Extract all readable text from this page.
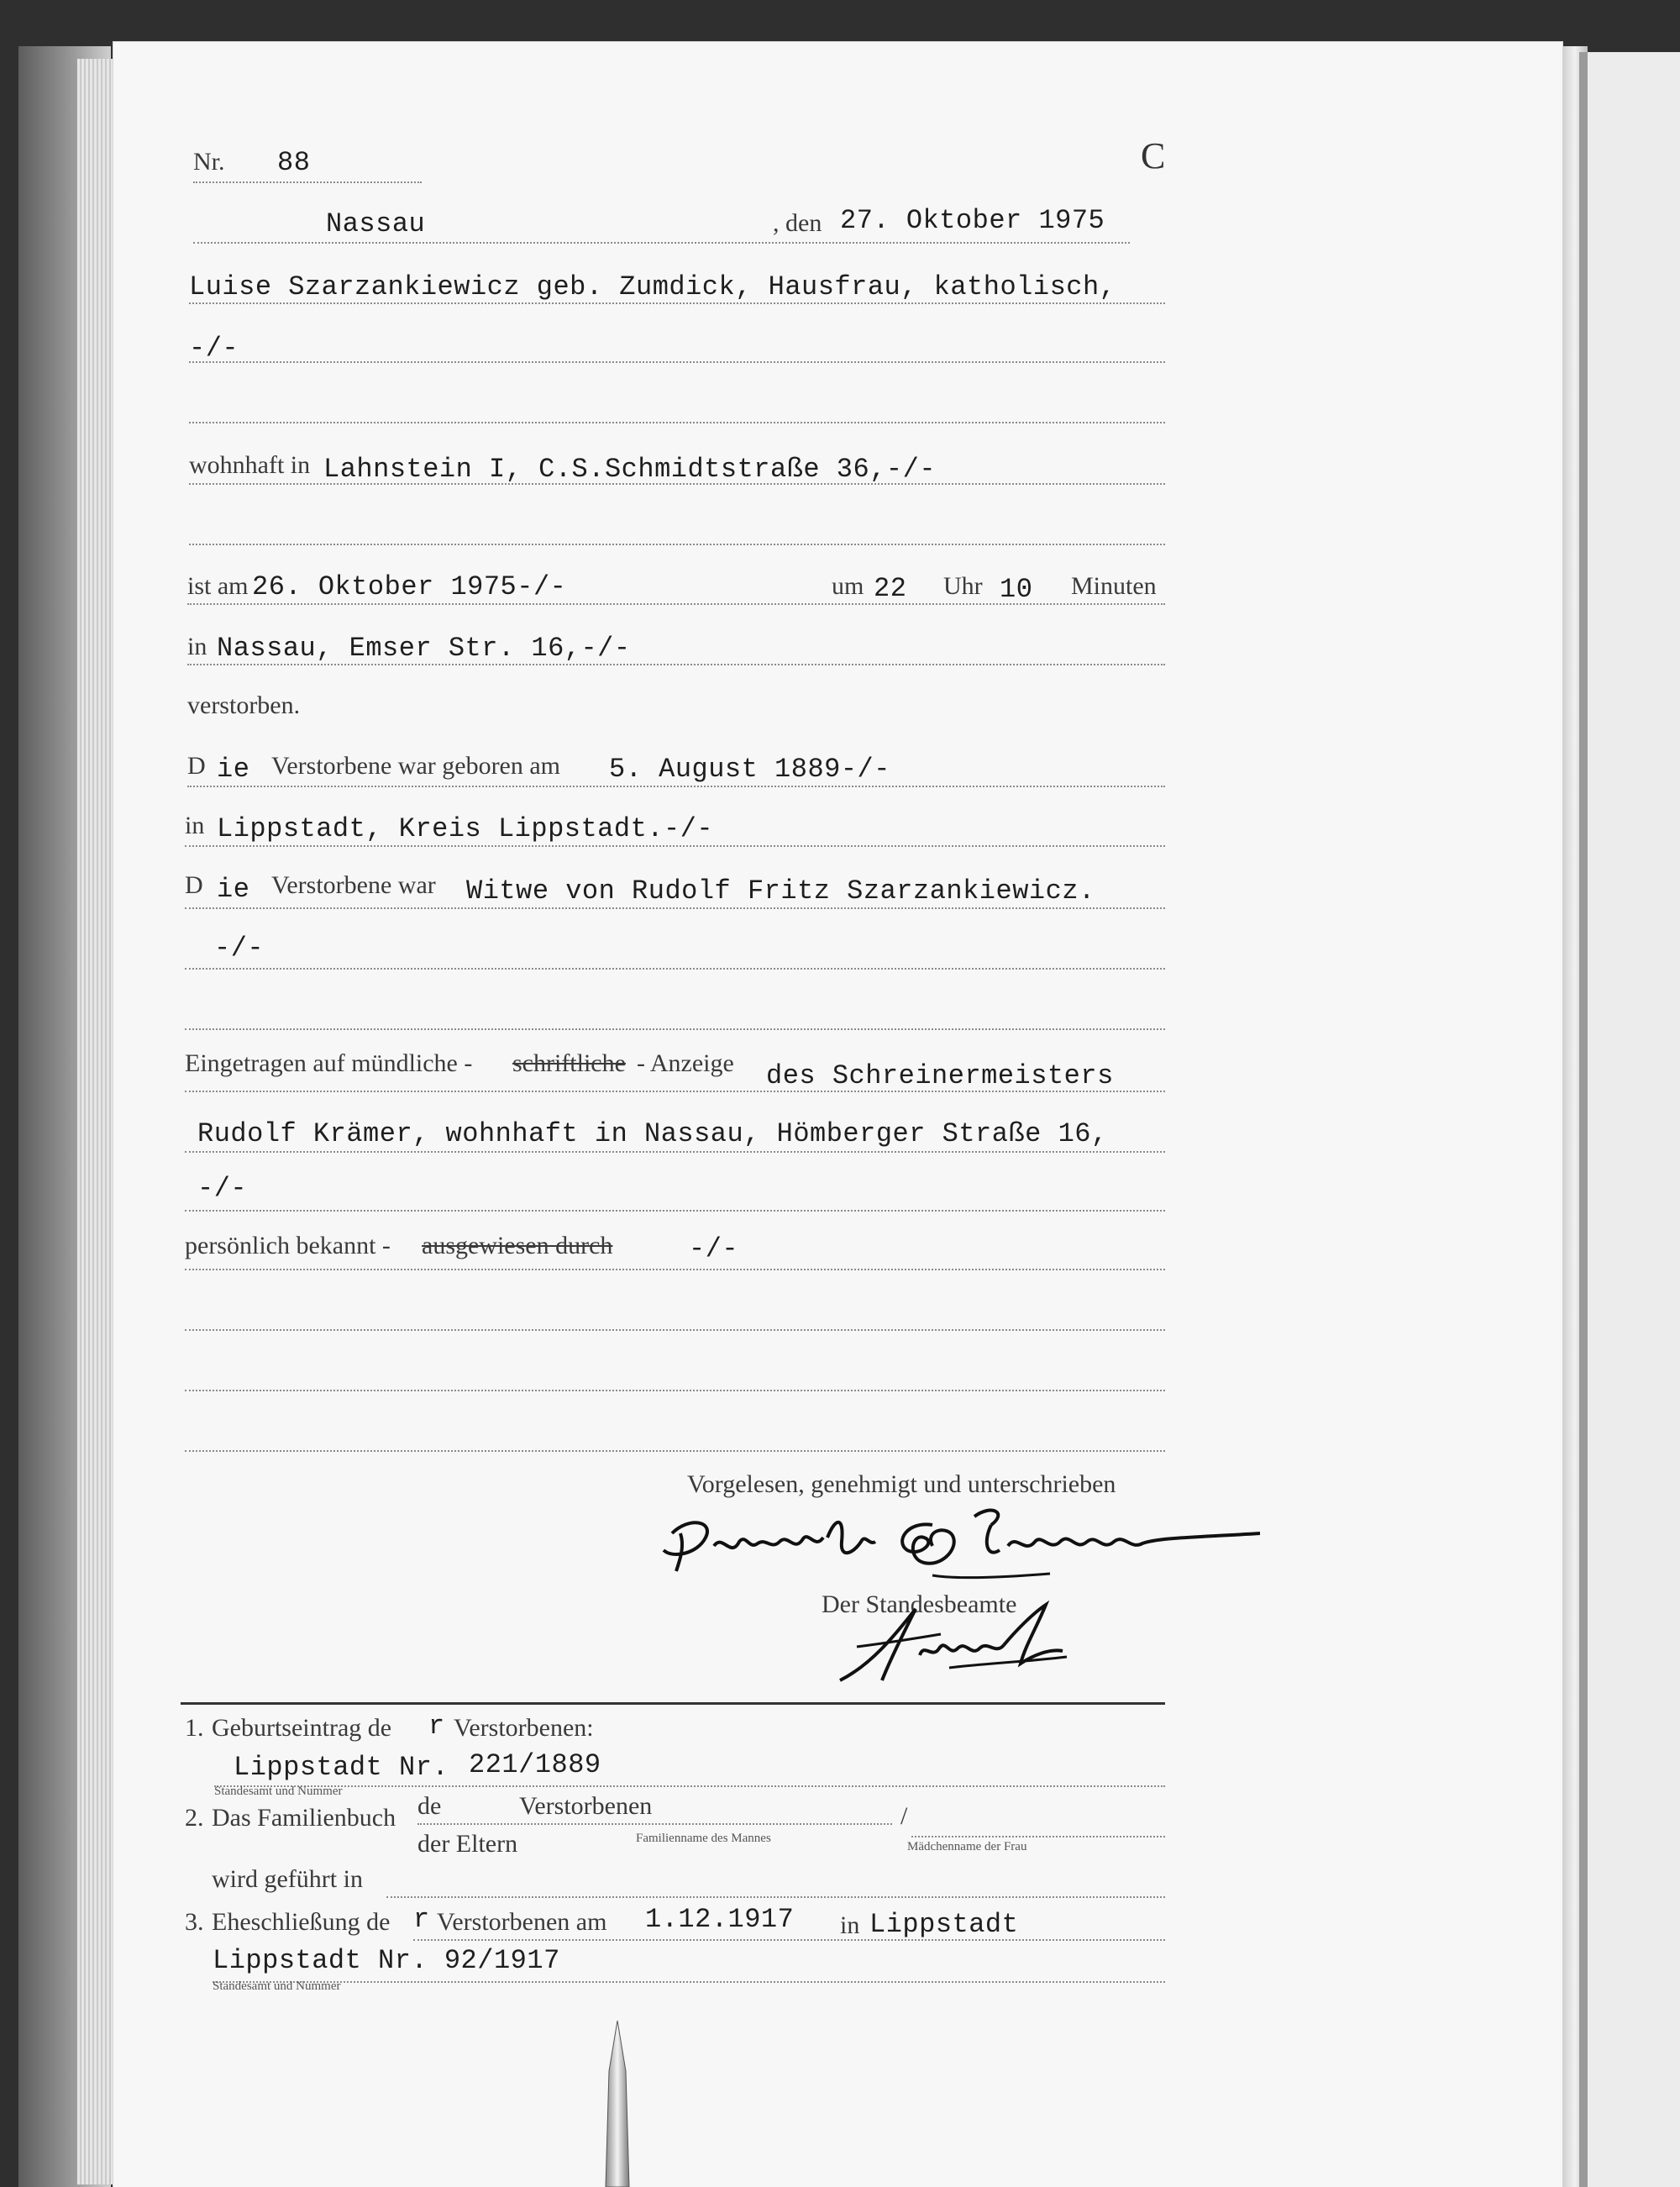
Nr. 88	C
Nassau	, den 27. Oktober 1975
Luise Szarzankiewicz geb. Zumdick, Hausfrau, katholisch,
-/-
wohnhaft in Lahnstein I, C.S.Schmidtstraße 36,-/-
ist am 26. Oktober 1975-/-	um 22 Uhr 10 Minuten
in Nassau, Emser Str. 16,-/-
verstorben.
D ie Verstorbene war geboren am 5. August 1889-/-
in Lippstadt, Kreis Lippstadt.-/-
D ie Verstorbene war Witwe von Rudolf Fritz Szarzankiewicz.
-/-
Eingetragen auf mündliche - schriftliche - Anzeige des Schreinermeisters
Rudolf Krämer, wohnhaft in Nassau, Hömberger Straße 16,
-/-
persönlich bekannt - ausgewiesen durch	-/-
Vorgelesen, genehmigt und unterschrieben
Der Standesbeamte
1. Geburtseintrag de r Verstorbenen:
Lippstadt Nr. 221/1889
Standesamt und Nummer
2. Das Familienbuch de	Verstorbenen	/
der Eltern	Familienname des Mannes
Mädchenname der Frau
wird geführt in
3. Eheschließung de r Verstorbenen am 1.12.1917 in Lippstadt
Lippstadt Nr. 92/1917
Standesamt und Nummer
